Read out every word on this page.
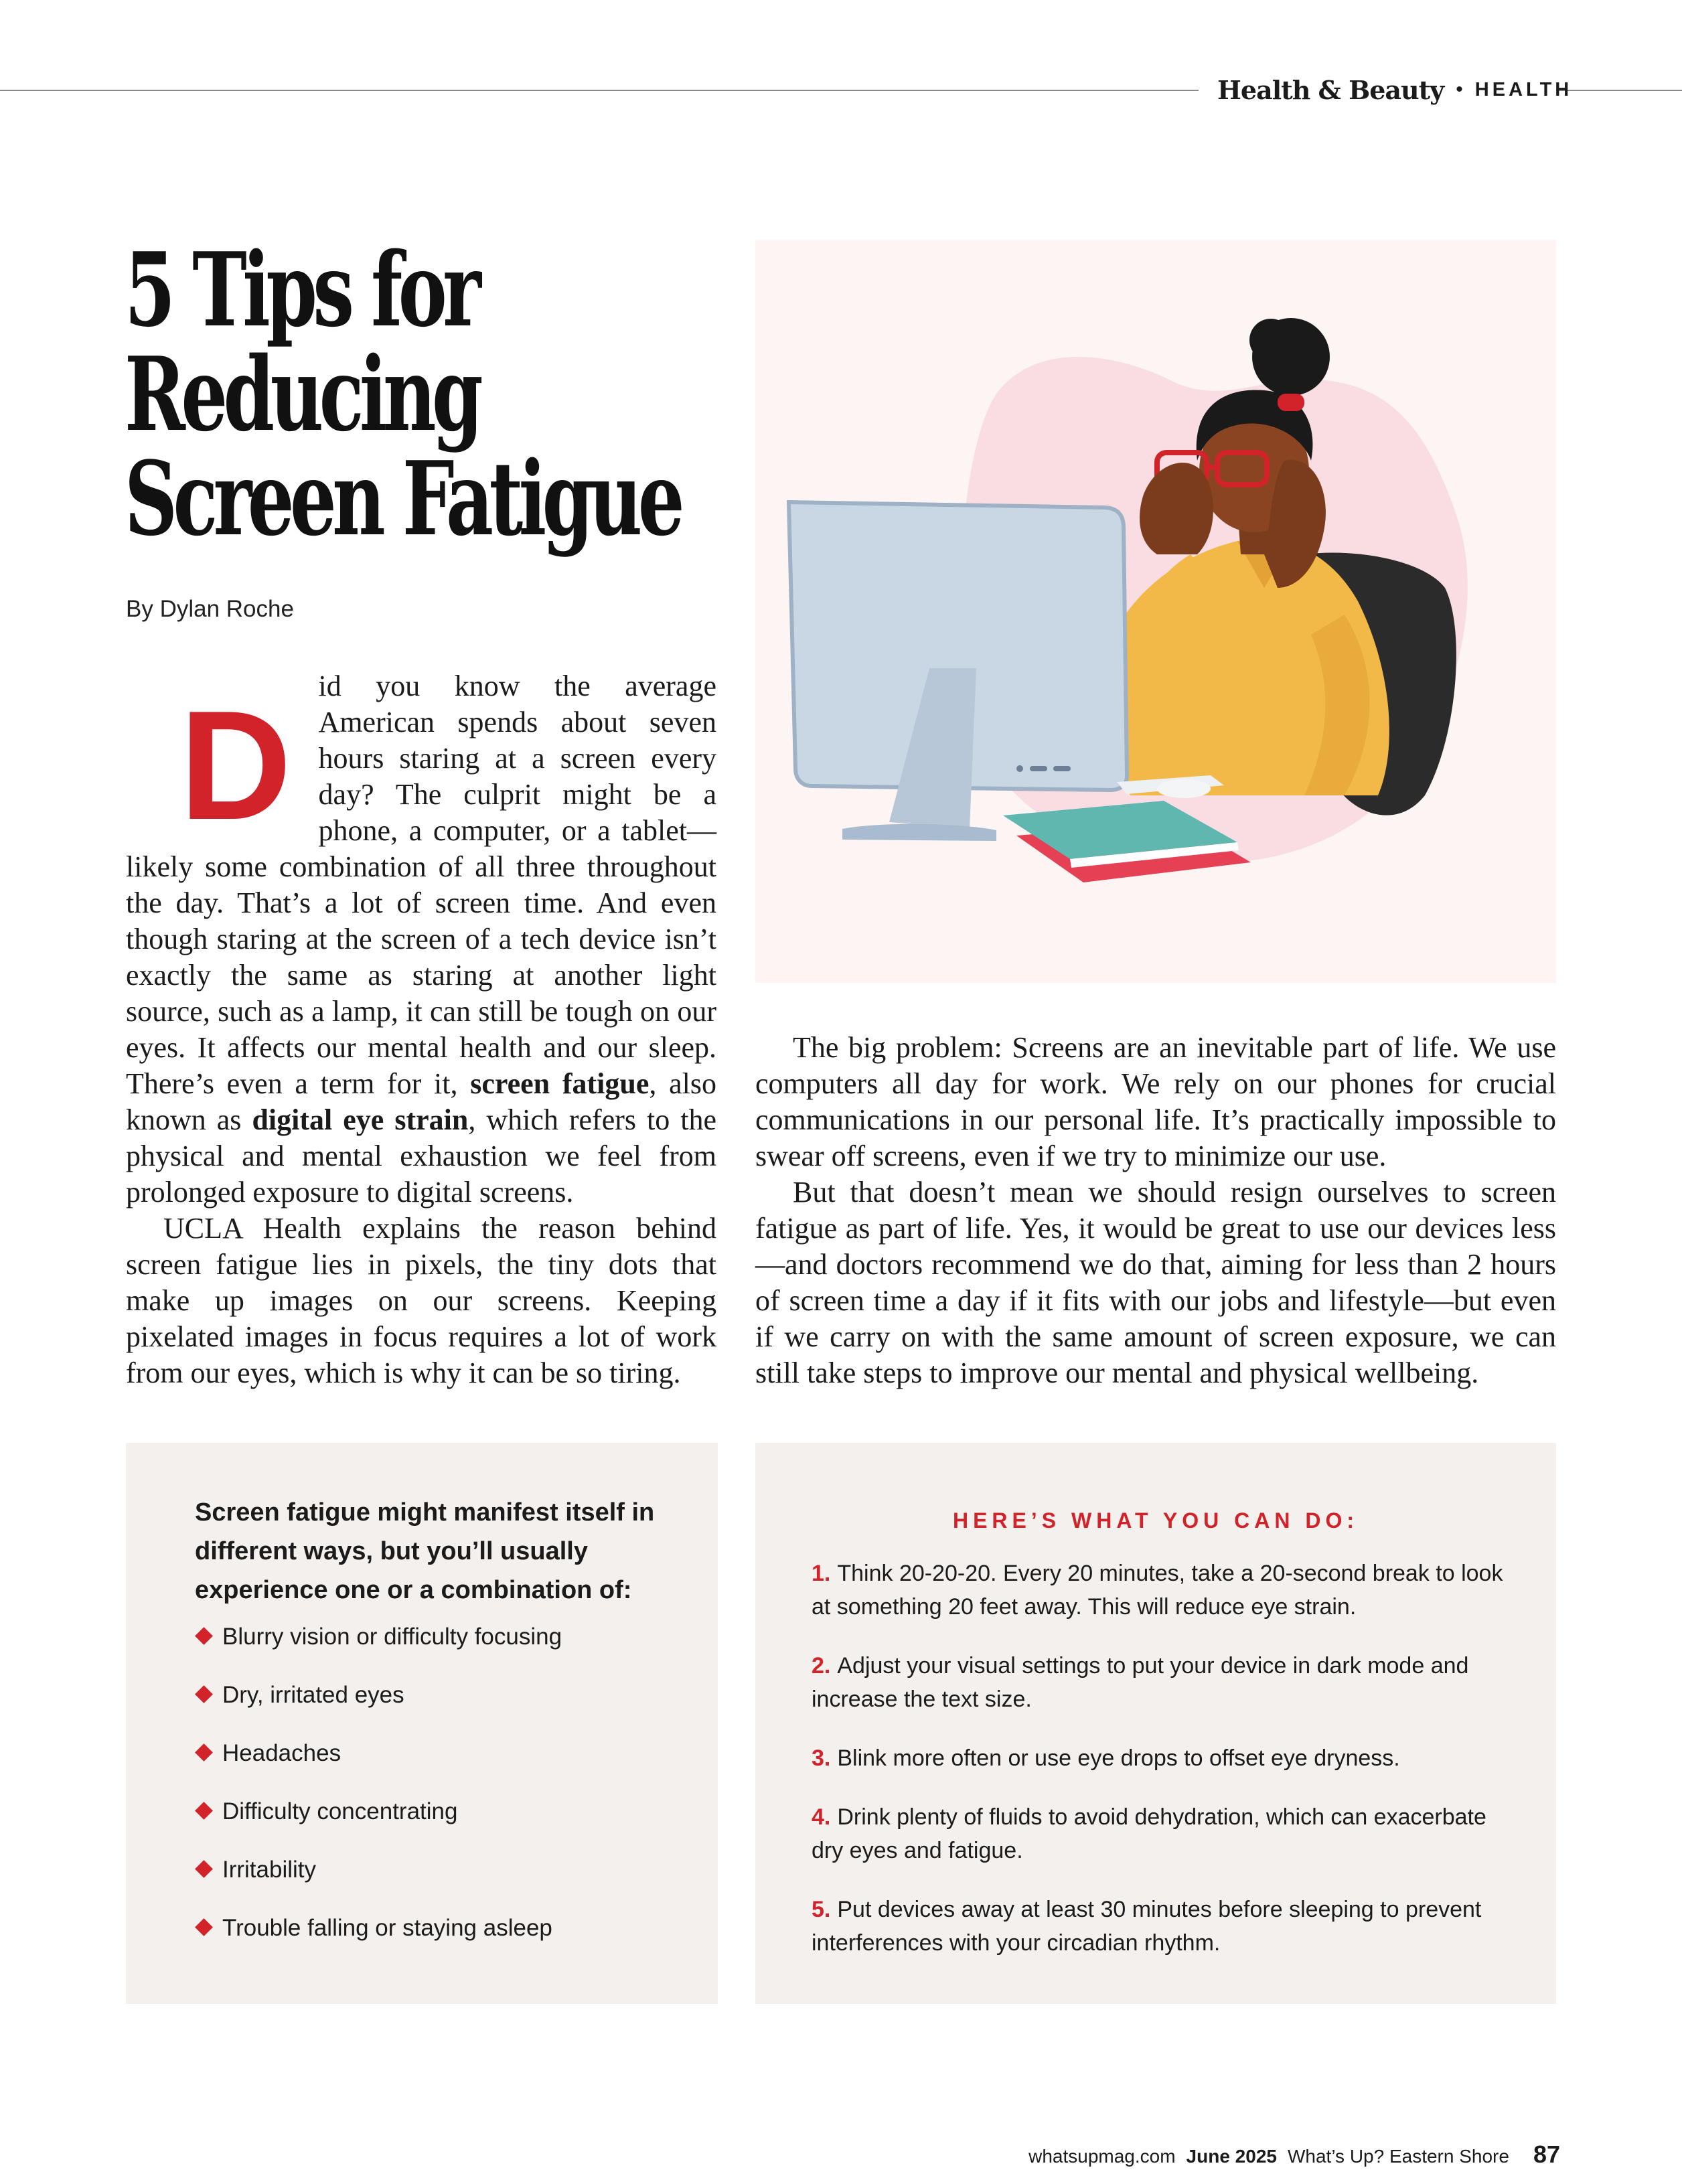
Health & Beauty • HEALTH
5 Tips for
Reducing
Screen Fatigue
By Dylan Roche

Did you know the average American spends about seven hours staring at a screen every day? The culprit might be a phone, a computer, or a tablet—likely some combination of all three throughout the day. That’s a lot of screen time. And even though staring at the screen of a tech device isn’t exactly the same as staring at another light source, such as a lamp, it can still be tough on our eyes. It affects our mental health and our sleep. There’s even a term for it, screen fatigue, also known as digital eye strain, which refers to the physical and mental exhaustion we feel from prolonged exposure to digital screens.

UCLA Health explains the reason behind screen fatigue lies in pixels, the tiny dots that make up images on our screens. Keeping pixelated images in focus requires a lot of work from our eyes, which is why it can be so tiring.

The big problem: Screens are an inevitable part of life. We use computers all day for work. We rely on our phones for crucial communications in our personal life. It’s practically impossible to swear off screens, even if we try to minimize our use.

But that doesn’t mean we should resign ourselves to screen fatigue as part of life. Yes, it would be great to use our devices less—and doctors recommend we do that, aiming for less than 2 hours of screen time a day if it fits with our jobs and lifestyle—but even if we carry on with the same amount of screen exposure, we can still take steps to improve our mental and physical wellbeing.

Screen fatigue might manifest itself in different ways, but you’ll usually experience one or a combination of:

Blurry vision or difficulty focusing
Dry, irritated eyes
Headaches
Difficulty concentrating
Irritability
Trouble falling or staying asleep

HERE’S WHAT YOU CAN DO:

1. Think 20-20-20. Every 20 minutes, take a 20-second break to look at something 20 feet away. This will reduce eye strain.
2. Adjust your visual settings to put your device in dark mode and increase the text size.
3. Blink more often or use eye drops to offset eye dryness.
4. Drink plenty of fluids to avoid dehydration, which can exacerbate dry eyes and fatigue.
5. Put devices away at least 30 minutes before sleeping to prevent interferences with your circadian rhythm.
whatsupmag.com June 2025 What’s Up? Eastern Shore 87
